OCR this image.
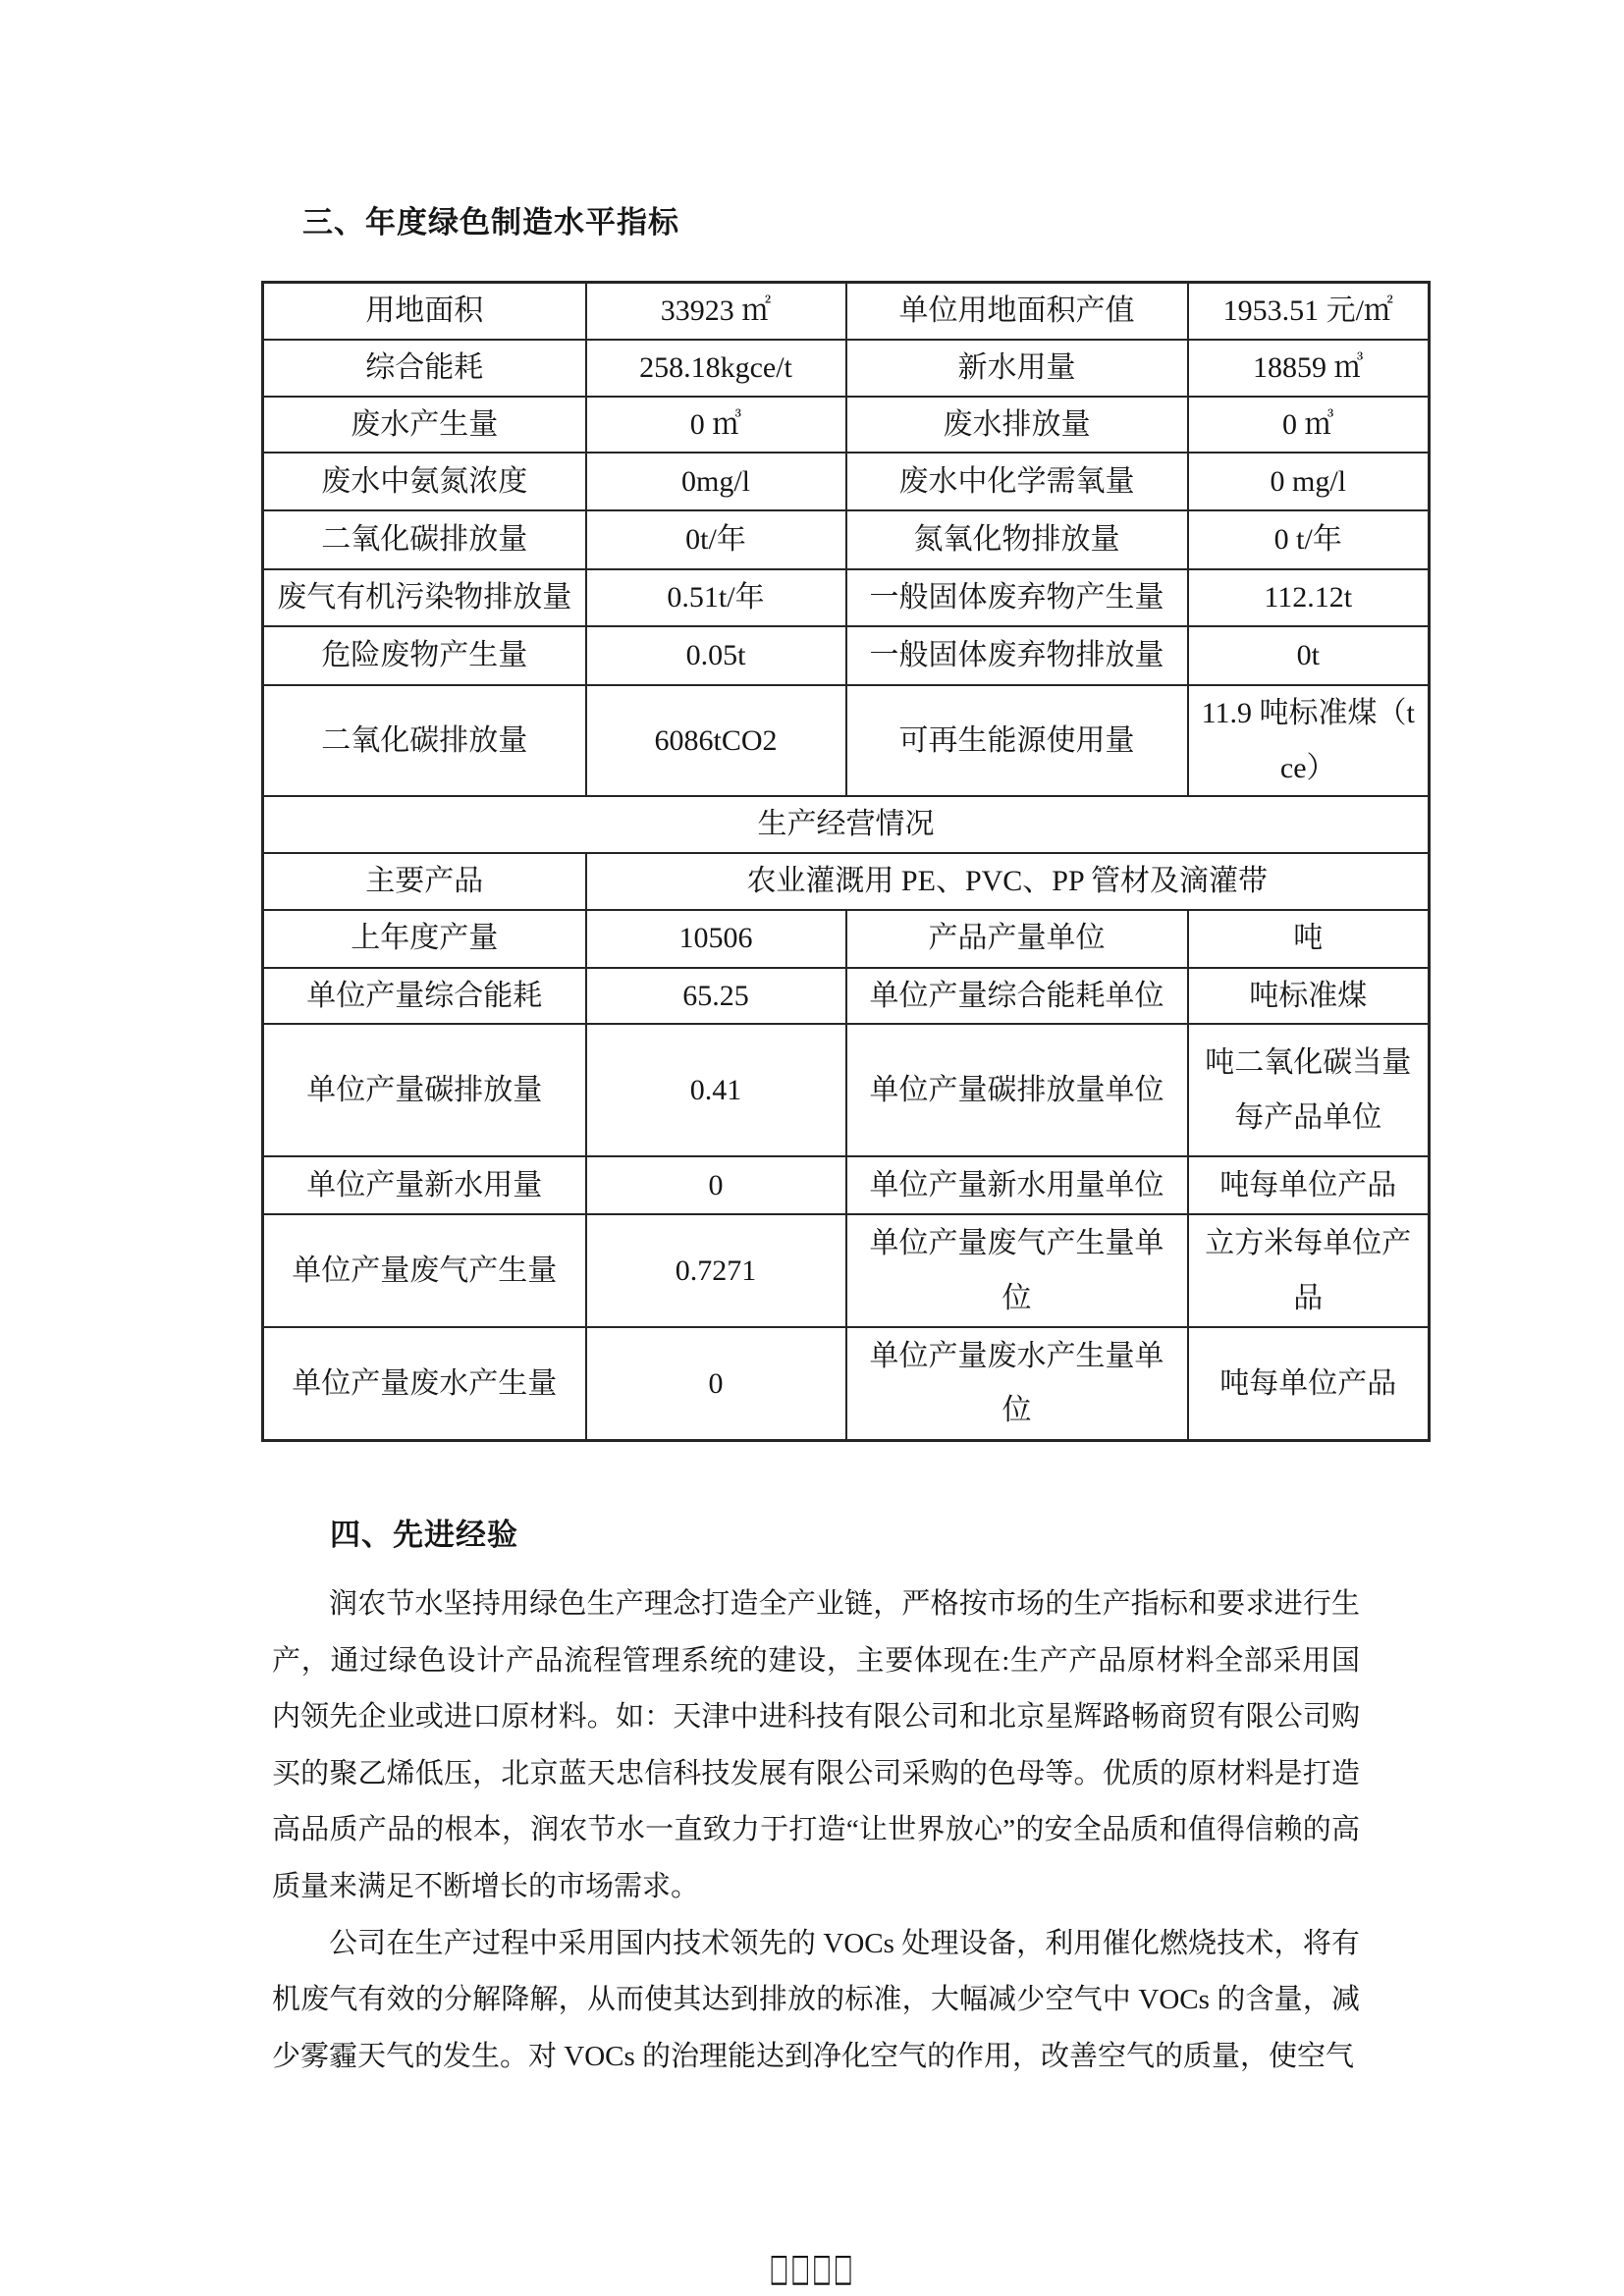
三、年度绿色制造水平指标
用地面积	33923 ㎡	单位用地面积产值	1953.51 元/㎡
综合能耗	258.18kgce/t	新水用量	18859 ㎥
废水产生量	0 ㎥	废水排放量	0 ㎥
废水中氨氮浓度	0mg/l	废水中化学需氧量	0 mg/l
二氧化碳排放量	0t/年	氮氧化物排放量	0 t/年
废气有机污染物排放量	0.51t/年	一般固体废弃物产生量	112.12t
危险废物产生量	0.05t	一般固体废弃物排放量	0t
二氧化碳排放量	6086tCO2	可再生能源使用量	11.9 吨标准煤（tce）
生产经营情况			
主要产品	农业灌溉用 PE、PVC、PP 管材及滴灌带		
上年度产量	10506	产品产量单位	吨
单位产量综合能耗	65.25	单位产量综合能耗单位	吨标准煤
单位产量碳排放量	0.41	单位产量碳排放量单位	吨二氧化碳当量每产品单位
单位产量新水用量	0	单位产量新水用量单位	吨每单位产品
单位产量废气产生量	0.7271	单位产量废气产生量单位	立方米每单位产品
单位产量废水产生量	0	单位产量废水产生量单位	吨每单位产品
四、先进经验

润农节水坚持用绿色生产理念打造全产业链，严格按市场的生产指标和要求进行生产，通过绿色设计产品流程管理系统的建设，主要体现在:生产产品原材料全部采用国内领先企业或进口原材料。如：天津中进科技有限公司和北京星辉路畅商贸有限公司购买的聚乙烯低压，北京蓝天忠信科技发展有限公司采购的色母等。优质的原材料是打造高品质产品的根本，润农节水一直致力于打造“让世界放心”的安全品质和值得信赖的高质量来满足不断增长的市场需求。

公司在生产过程中采用国内技术领先的 VOCs 处理设备，利用催化燃烧技术，将有机废气有效的分解降解，从而使其达到排放的标准，大幅减少空气中 VOCs 的含量，减少雾霾天气的发生。对 VOCs 的治理能达到净化空气的作用，改善空气的质量，使空气

□□□□
